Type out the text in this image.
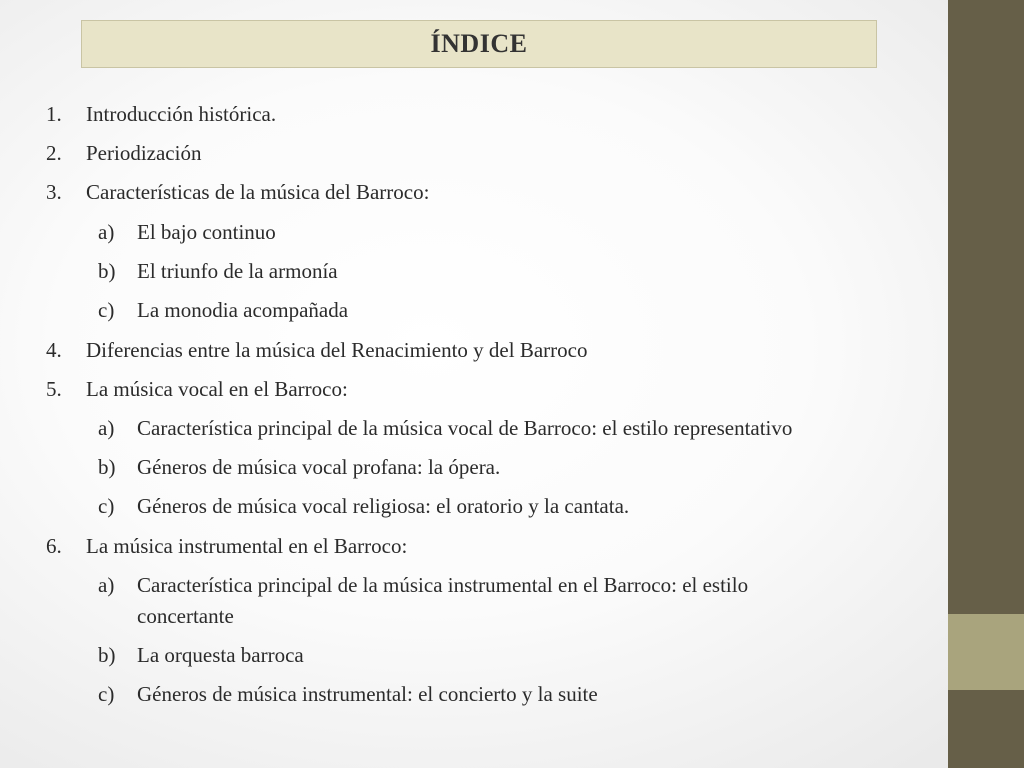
ÍNDICE
1. Introducción histórica.
2. Periodización
3. Características de la música del Barroco:
a) El bajo continuo
b) El triunfo de la armonía
c) La monodia acompañada
4. Diferencias entre la música del Renacimiento y del Barroco
5. La música vocal en el Barroco:
a) Característica principal de la música vocal de Barroco: el estilo representativo
b) Géneros de música vocal profana: la ópera.
c) Géneros de música vocal religiosa: el oratorio y la cantata.
6. La música instrumental en el Barroco:
a) Característica principal de la música instrumental en el Barroco: el estilo
concertante
b) La orquesta barroca
c) Géneros de música instrumental: el concierto y la suite
